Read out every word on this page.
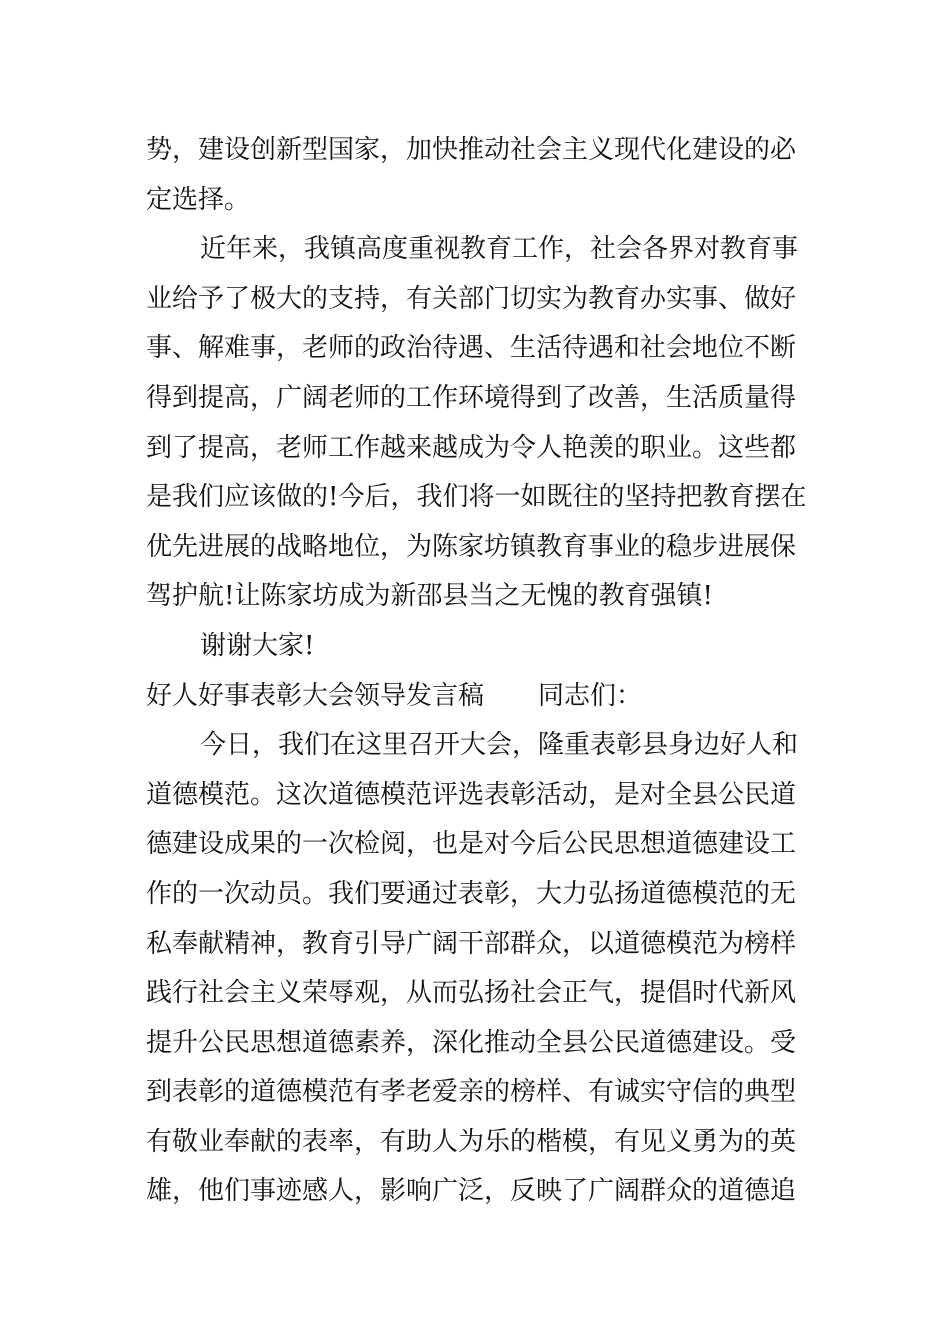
势，建设创新型国家，加快推动社会主义现代化建设的必

定选择。

近年来，我镇高度重视教育工作，社会各界对教育事

业给予了极大的支持，有关部门切实为教育办实事、做好

事、解难事，老师的政治待遇、生活待遇和社会地位不断

得到提高，广阔老师的工作环境得到了改善，生活质量得

到了提高，老师工作越来越成为令人艳羡的职业。这些都

是我们应该做的!今后，我们将一如既往的坚持把教育摆在

优先进展的战略地位，为陈家坊镇教育事业的稳步进展保

驾护航!让陈家坊成为新邵县当之无愧的教育强镇!

谢谢大家!

好人好事表彰大会领导发言稿 同志们：

今日，我们在这里召开大会，隆重表彰县身边好人和

道德模范。这次道德模范评选表彰活动，是对全县公民道

德建设成果的一次检阅，也是对今后公民思想道德建设工

作的一次动员。我们要通过表彰，大力弘扬道德模范的无

私奉献精神，教育引导广阔干部群众，以道德模范为榜样

践行社会主义荣辱观，从而弘扬社会正气，提倡时代新风

提升公民思想道德素养，深化推动全县公民道德建设。受

到表彰的道德模范有孝老爱亲的榜样、有诚实守信的典型

有敬业奉献的表率，有助人为乐的楷模，有见义勇为的英

雄，他们事迹感人，影响广泛，反映了广阔群众的道德追
